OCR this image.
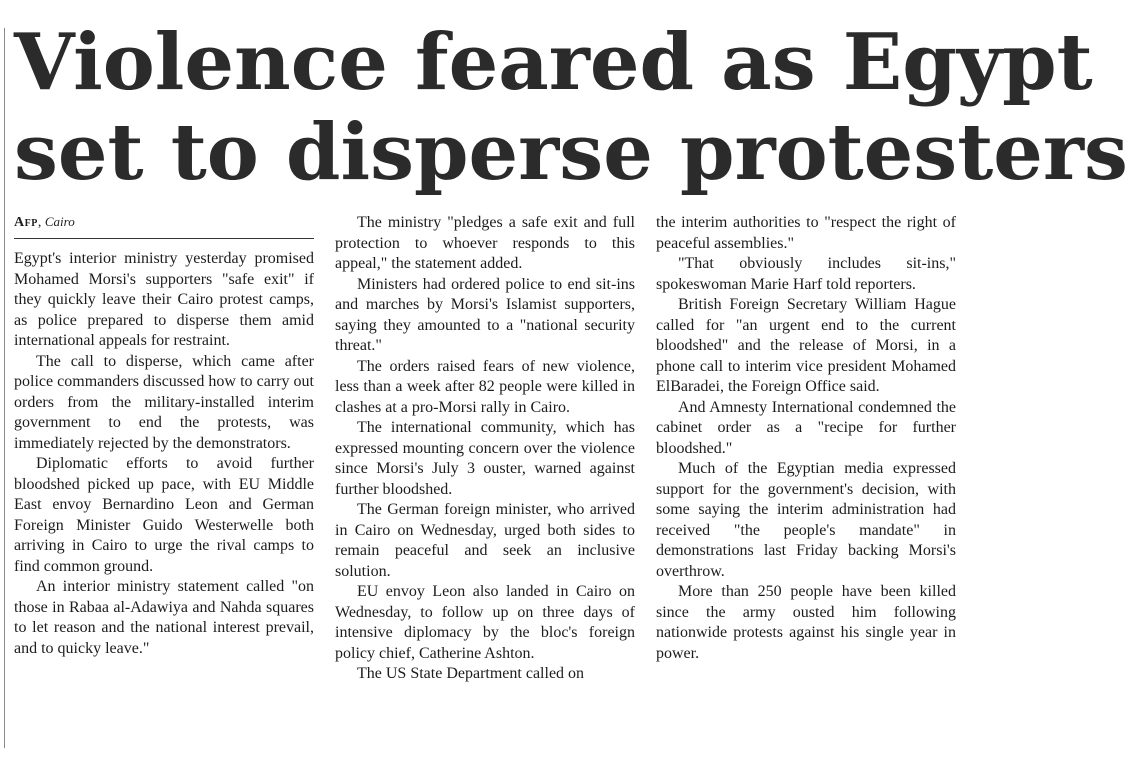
Violence feared as Egypt
set to disperse protesters
Afp, Cairo

Egypt's interior ministry yesterday promised Mohamed Morsi's supporters "safe exit" if they quickly leave their Cairo protest camps, as police prepared to disperse them amid international appeals for restraint.

The call to disperse, which came after police commanders discussed how to carry out orders from the military-installed interim government to end the protests, was immediately rejected by the demonstrators.

Diplomatic efforts to avoid further bloodshed picked up pace, with EU Middle East envoy Bernardino Leon and German Foreign Minister Guido Westerwelle both arriving in Cairo to urge the rival camps to find common ground.

An interior ministry statement called "on those in Rabaa al-Adawiya and Nahda squares to let reason and the national interest prevail, and to quicky leave."

The ministry "pledges a safe exit and full protection to whoever responds to this appeal," the statement added.

Ministers had ordered police to end sit-ins and marches by Morsi's Islamist supporters, saying they amounted to a "national security threat."

The orders raised fears of new violence, less than a week after 82 people were killed in clashes at a pro-Morsi rally in Cairo.

The international community, which has expressed mounting concern over the violence since Morsi's July 3 ouster, warned against further bloodshed.

The German foreign minister, who arrived in Cairo on Wednesday, urged both sides to remain peaceful and seek an inclusive solution.

EU envoy Leon also landed in Cairo on Wednesday, to follow up on three days of intensive diplomacy by the bloc's foreign policy chief, Catherine Ashton.

The US State Department called on

the interim authorities to "respect the right of peaceful assemblies."

"That obviously includes sit-ins," spokeswoman Marie Harf told reporters.

British Foreign Secretary William Hague called for "an urgent end to the current bloodshed" and the release of Morsi, in a phone call to interim vice president Mohamed ElBaradei, the Foreign Office said.

And Amnesty International condemned the cabinet order as a "recipe for further bloodshed."

Much of the Egyptian media expressed support for the government's decision, with some saying the interim administration had received "the people's mandate" in demonstrations last Friday backing Morsi's overthrow.

More than 250 people have been killed since the army ousted him following nationwide protests against his single year in power.
